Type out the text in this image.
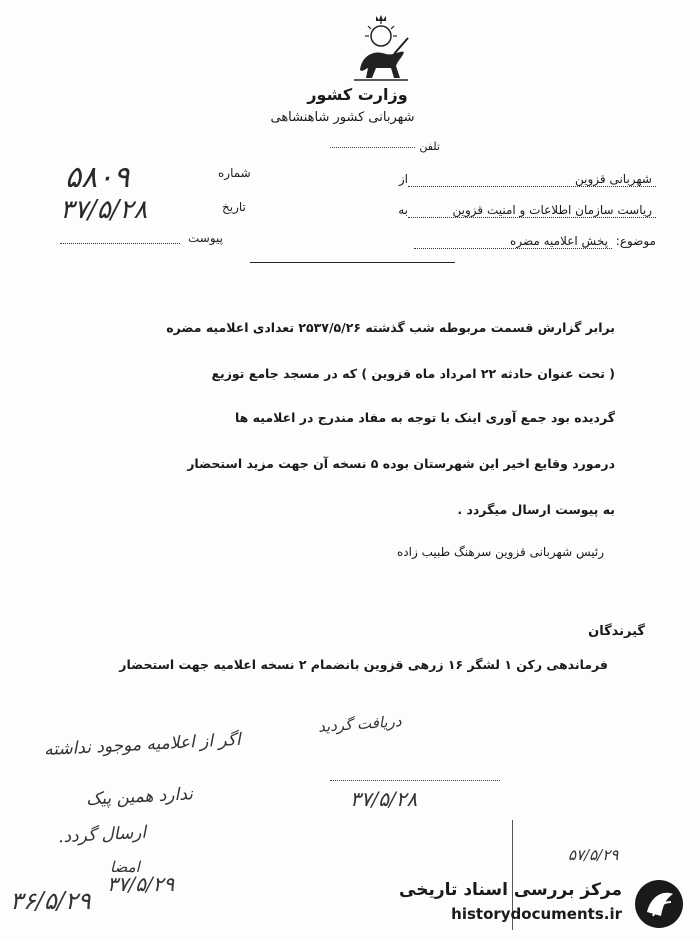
وزارت کشور
شهربانی کشور شاهنشاهی
تلفن
شماره
۵۸۰۹
تاریخ
۳۷/۵/۲۸
پیوست
از	شهربانی قزوین
به	ریاست سازمان اطلاعات و امنیت قزوین
موضوع: پخش اعلامیه مضره
برابر گزارش قسمت مربوطه شب گذشته ۲۵۳۷/۵/۲۶ تعدادی اعلامیه مضره
( تحت عنوان حادثه ۲۲ امرداد ماه قزوین ) که در مسجد جامع توزیع
گردیده بود جمع آوری اینک با توجه به مفاد مندرج در اعلامیه ها
درمورد وقایع اخیر این شهرستان بوده ۵ نسخه آن جهت مزید استحضار
به پیوست ارسال میگردد .
رئیس شهربانی قزوین سرهنگ طبیب زاده
گیرندگان
فرماندهی رکن ۱ لشگر ۱۶ زرهی قزوین بانضمام ۲ نسخه اعلامیه جهت استحضار
دریافت گردید
۳۷/۵/۲۸
اگر از اعلامیه موجود نداشته
ندارد همین پیک
ارسال گردد.
امضا
۳۷/۵/۲۹
۳۶/۵/۲۹
۵۷/۵/۲۹
مرکز بررسی اسناد تاریخی
historydocuments.ir
